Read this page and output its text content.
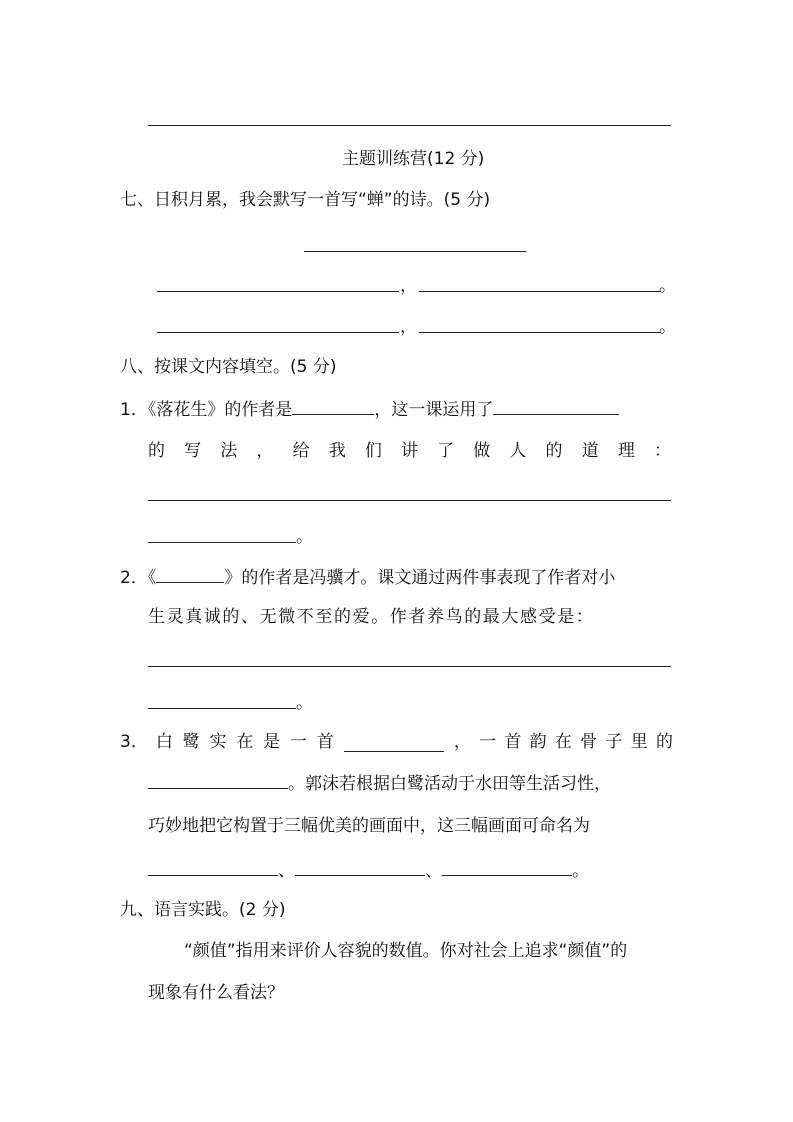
主题训练营(12 分)
七、日积月累，我会默写一首写“蝉”的诗。(5 分)
，	。
，	。
八、按课文内容填空。(5 分)
1．《落花生》的作者是	，这一课运用了
的 写 法 ， 给 我 们 讲 了 做 人 的 道 理 ：
。
2．《	》的作者是冯骥才。课文通过两件事表现了作者对小
生灵真诚的、无微不至的爱。作者养鸟的最大感受是：
。
3． 白 鹭 实 在 是 一 首	， 一 首 韵 在 骨 子 里 的
。郭沫若根据白鹭活动于水田等生活习性，
巧妙地把它构置于三幅优美的画面中，这三幅画面可命名为
、	、	。
九、语言实践。(2 分)
“颜值”指用来评价人容貌的数值。你对社会上追求“颜值”的
现象有什么看法？
